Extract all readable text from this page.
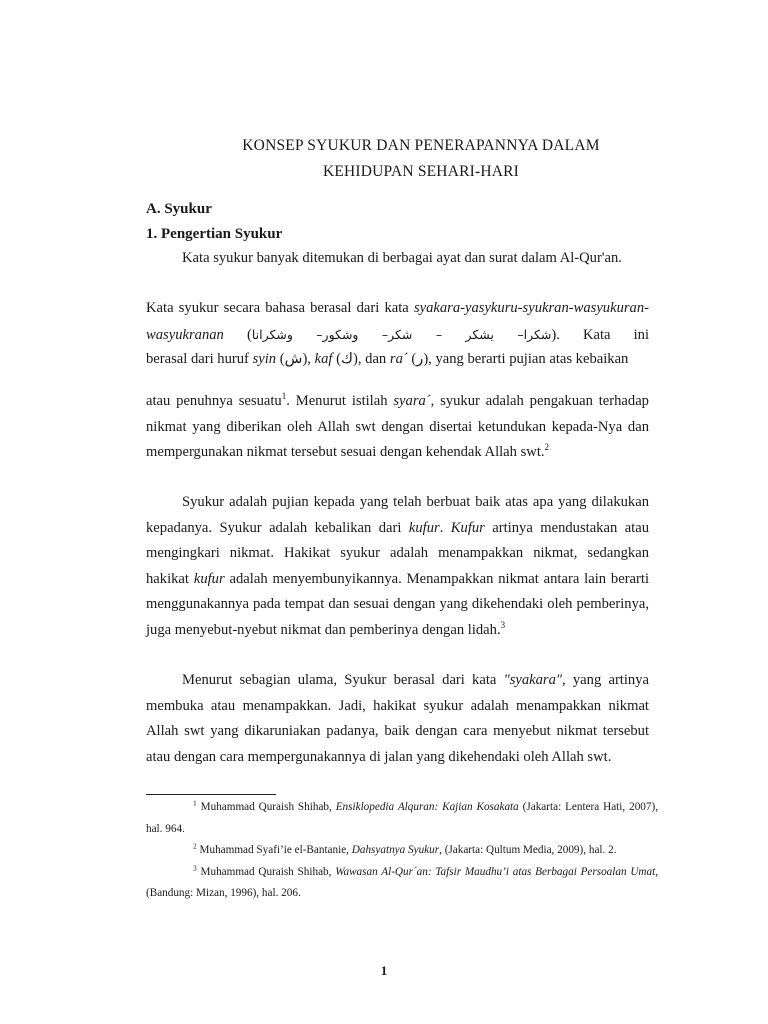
KONSEP SYUKUR DAN PENERAPANNYA DALAM
KEHIDUPAN SEHARI-HARI
A. Syukur
1. Pengertian Syukur

Kata syukur banyak ditemukan di berbagai ayat dan surat dalam Al-Qur'an.

Kata syukur secara bahasa berasal dari kata syakara-yasykuru-syukran-wasyukuran-wasyukranan (شكرا– يشكر – شكر– وشكور– وشكرانا). Kata ini

berasal dari huruf syin (ش), kaf (ك), dan ra´ (ر), yang berarti pujian atas kebaikan

atau penuhnya sesuatu$^1$. Menurut istilah syara´, syukur adalah pengakuan terhadap nikmat yang diberikan oleh Allah swt dengan disertai ketundukan kepada-Nya dan mempergunakan nikmat tersebut sesuai dengan kehendak Allah swt.$^2$

Syukur adalah pujian kepada yang telah berbuat baik atas apa yang dilakukan kepadanya. Syukur adalah kebalikan dari kufur. Kufur artinya mendustakan atau mengingkari nikmat. Hakikat syukur adalah menampakkan nikmat, sedangkan hakikat kufur adalah menyembunyikannya. Menampakkan nikmat antara lain berarti menggunakannya pada tempat dan sesuai dengan yang dikehendaki oleh pemberinya, juga menyebut-nyebut nikmat dan pemberinya dengan lidah.$^3$

Menurut sebagian ulama, Syukur berasal dari kata "syakara", yang artinya membuka atau menampakkan. Jadi, hakikat syukur adalah menampakkan nikmat Allah swt yang dikaruniakan padanya, baik dengan cara menyebut nikmat tersebut atau dengan cara mempergunakannya di jalan yang dikehendaki oleh Allah swt.

$^1$ Muhammad Quraish Shihab, Ensiklopedia Alquran: Kajian Kosakata (Jakarta: Lentera Hati, 2007), hal. 964.

$^2$ Muhammad Syafi’ie el-Bantanie, Dahsyatnya Syukur, (Jakarta: Qultum Media, 2009), hal. 2.

$^3$ Muhammad Quraish Shihab, Wawasan Al-Qur´an: Tafsir Maudhu’i atas Berbagai Persoalan Umat, (Bandung: Mizan, 1996), hal. 206.

1
